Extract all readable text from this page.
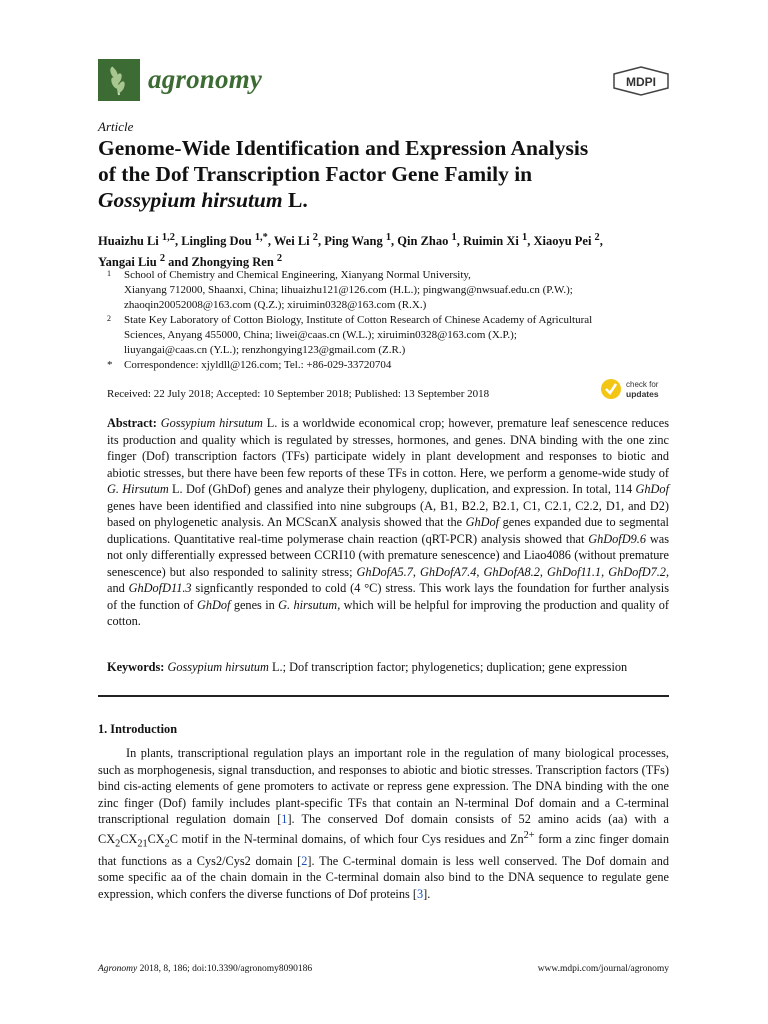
agronomy	MDPI
Article
Genome-Wide Identification and Expression Analysis
of the Dof Transcription Factor Gene Family in
Gossypium hirsutum L.
Huaizhu Li $^{1,2}$, Lingling Dou $^{1,*}$, Wei Li $^2$, Ping Wang $^1$, Qin Zhao $^1$, Ruimin Xi $^1$, Xiaoyu Pei $^2$,
Yangai Liu $^2$ and Zhongying Ren $^2$
1 School of Chemistry and Chemical Engineering, Xianyang Normal University,
Xianyang 712000, Shaanxi, China; lihuaizhu121@126.com (H.L.); pingwang@nwsuaf.edu.cn (P.W.);
zhaoqin20052008@163.com (Q.Z.); xiruimin0328@163.com (R.X.)
2 State Key Laboratory of Cotton Biology, Institute of Cotton Research of Chinese Academy of Agricultural
Sciences, Anyang 455000, China; liwei@caas.cn (W.L.); xiruimin0328@163.com (X.P.);
liuyangai@caas.cn (Y.L.); renzhongying123@gmail.com (Z.R.)
* Correspondence: xjyldll@126.com; Tel.: +86-029-33720704
Received: 22 July 2018; Accepted: 10 September 2018; Published: 13 September 2018
check for
updates

Abstract: Gossypium hirsutum L. is a worldwide economical crop; however, premature leaf senescence reduces its production and quality which is regulated by stresses, hormones, and genes. DNA binding with the one zinc finger (Dof) transcription factors (TFs) participate widely in plant development and responses to biotic and abiotic stresses, but there have been few reports of these TFs in cotton. Here, we perform a genome-wide study of G. Hirsutum L. Dof (GhDof) genes and analyze their phylogeny, duplication, and expression. In total, 114 GhDof genes have been identified and classified into nine subgroups (A, B1, B2.2, B2.1, C1, C2.1, C2.2, D1, and D2) based on phylogenetic analysis. An MCScanX analysis showed that the GhDof genes expanded due to segmental duplications. Quantitative real-time polymerase chain reaction (qRT-PCR) analysis showed that GhDofD9.6 was not only differentially expressed between CCRI10 (with premature senescence) and Liao4086 (without premature senescence) but also responded to salinity stress; GhDofA5.7, GhDofA7.4, GhDofA8.2, GhDof11.1, GhDofD7.2, and GhDofD11.3 signficantly responded to cold (4 °C) stress. This work lays the foundation for further analysis of the function of GhDof genes in G. hirsutum, which will be helpful for improving the production and quality of cotton.

Keywords: Gossypium hirsutum L.; Dof transcription factor; phylogenetics; duplication; gene expression
1. Introduction

In plants, transcriptional regulation plays an important role in the regulation of many biological processes, such as morphogenesis, signal transduction, and responses to abiotic and biotic stresses. Transcription factors (TFs) bind cis-acting elements of gene promoters to activate or repress gene expression. The DNA binding with the one zinc finger (Dof) family includes plant-specific TFs that contain an N-terminal Dof domain and a C-terminal transcriptional regulation domain [1]. The conserved Dof domain consists of 52 amino acids (aa) with a $CX_2CX_{21}CX_2C$ motif in the N-terminal domains, of which four Cys residues and $Zn^{2+}$ form a zinc finger domain that functions as a Cys2/Cys2 domain [2]. The C-terminal domain is less well conserved. The Dof domain and some specific aa of the chain domain in the C-terminal domain also bind to the DNA sequence to regulate gene expression, which confers the diverse functions of Dof proteins [3].

Agronomy 2018, 8, 186; doi:10.3390/agronomy8090186	www.mdpi.com/journal/agronomy
